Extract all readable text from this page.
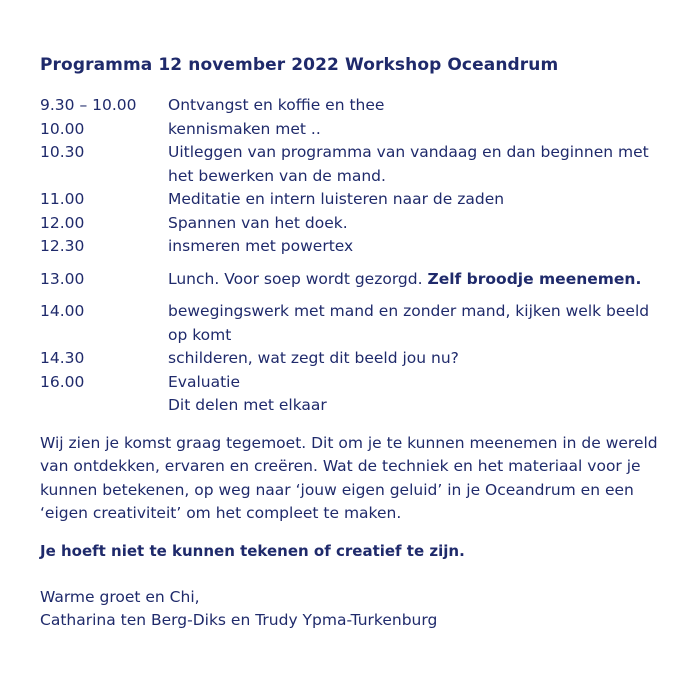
Programma 12 november 2022 Workshop Oceandrum
9.30 – 10.00	Ontvangst en koffie en thee
10.00	kennismaken met ..
10.30	Uitleggen van programma van vandaag en dan beginnen met het bewerken van de mand.
11.00	Meditatie en intern luisteren naar de zaden
12.00	Spannen van het doek.
12.30	insmeren met powertex
13.00	Lunch. Voor soep wordt gezorgd. Zelf broodje meenemen.
14.00	bewegingswerk met mand en zonder mand, kijken welk beeld op komt
14.30	schilderen, wat zegt dit beeld jou nu?
16.00	Evaluatie
Dit delen met elkaar
Wij zien je komst graag tegemoet. Dit om je te kunnen meenemen in de wereld van ontdekken, ervaren en creëren. Wat de techniek en het materiaal voor je kunnen betekenen, op weg naar ‘jouw eigen geluid’ in je Oceandrum en een ‘eigen creativiteit’ om het compleet te maken.
Je hoeft niet te kunnen tekenen of creatief te zijn.
Warme groet en Chi,
Catharina ten Berg-Diks en Trudy Ypma-Turkenburg
